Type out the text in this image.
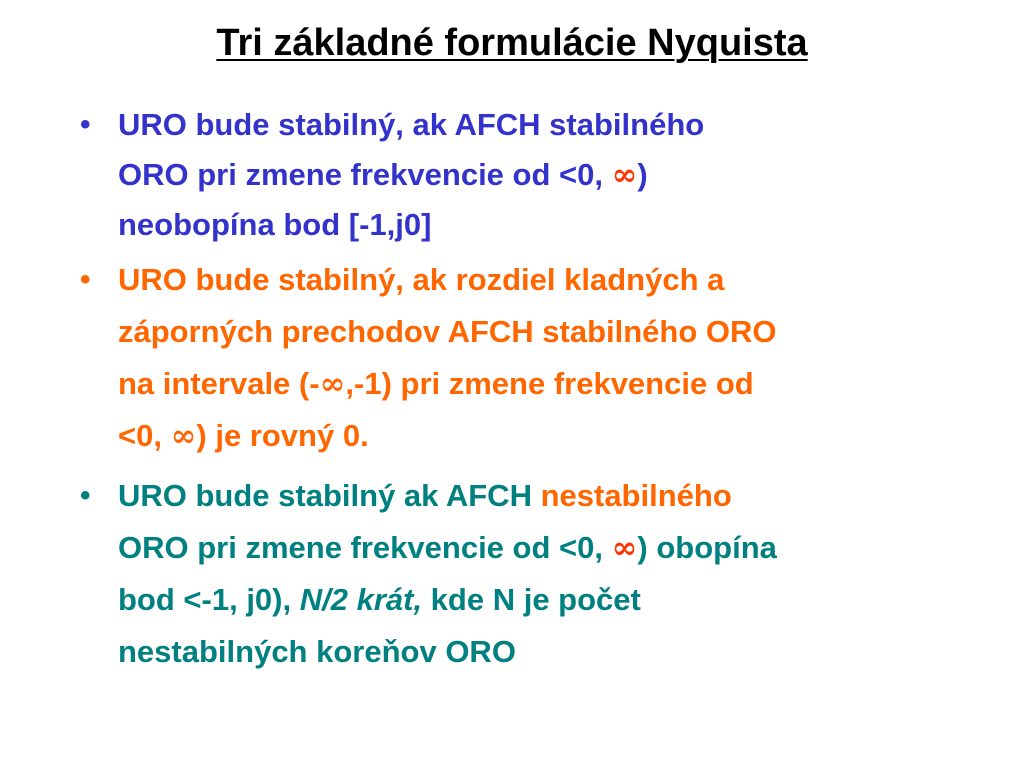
Tri základné formulácie Nyquista
• URO bude stabilný, ak AFCH stabilného
ORO pri zmene frekvencie od <0, ∞)
neobopína bod [-1,j0]
• URO bude stabilný, ak rozdiel kladných a
záporných prechodov AFCH stabilného ORO
na intervale (-∞,-1) pri zmene frekvencie od
<0, ∞) je rovný 0.
• URO bude stabilný ak AFCH nestabilného
ORO pri zmene frekvencie od <0, ∞) obopína
bod <-1, j0), N/2 krát, kde N je počet
nestabilných koreňov ORO
